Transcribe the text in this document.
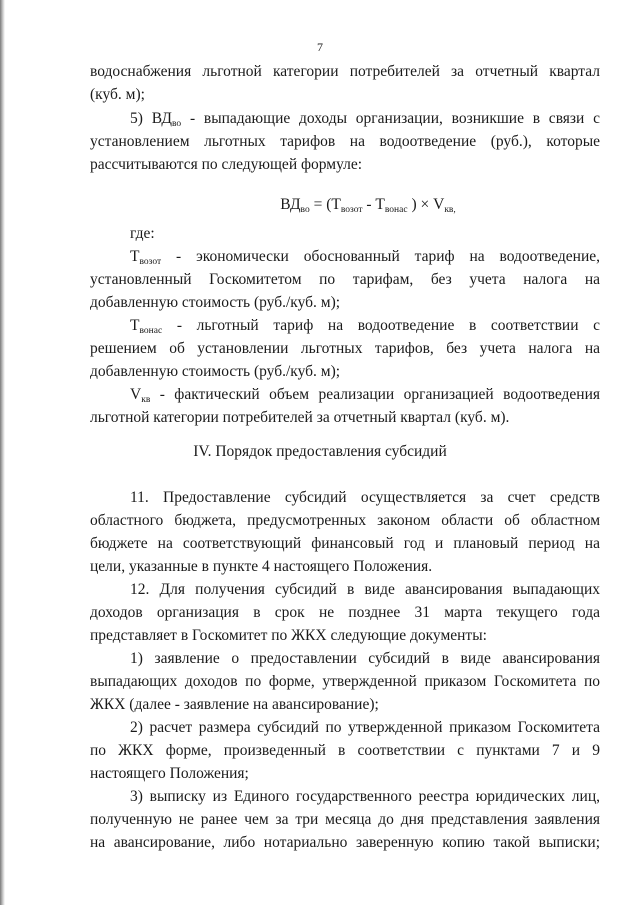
7
водоснабжения льготной категории потребителей за отчетный квартал
(куб. м);
5) $ВД_{во}$ - выпадающие доходы организации, возникшие в связи с
установлением льготных тарифов на водоотведение (руб.), которые
рассчитываются по следующей формуле:
$ВД_{во} = (Т_{возот} - Т_{вонас}$ ) × $V_{кв,}$
где:
$Т_{возот}$ - экономически обоснованный тариф на водоотведение,
установленный Госкомитетом по тарифам, без учета налога на
добавленную стоимость (руб./куб. м);
$Т_{вонас}$ - льготный тариф на водоотведение в соответствии с
решением об установлении льготных тарифов, без учета налога на
добавленную стоимость (руб./куб. м);
$V_{кв}$ - фактический объем реализации организацией водоотведения
льготной категории потребителей за отчетный квартал (куб. м).
IV. Порядок предоставления субсидий
11. Предоставление субсидий осуществляется за счет средств
областного бюджета, предусмотренных законом области об областном
бюджете на соответствующий финансовый год и плановый период на
цели, указанные в пункте 4 настоящего Положения.
12. Для получения субсидий в виде авансирования выпадающих
доходов организация в срок не позднее 31 марта текущего года
представляет в Госкомитет по ЖКХ следующие документы:
1) заявление о предоставлении субсидий в виде авансирования
выпадающих доходов по форме, утвержденной приказом Госкомитета по
ЖКХ (далее - заявление на авансирование);
2) расчет размера субсидий по утвержденной приказом Госкомитета
по ЖКХ форме, произведенный в соответствии с пунктами 7 и 9
настоящего Положения;
3) выписку из Единого государственного реестра юридических лиц,
полученную не ранее чем за три месяца до дня представления заявления
на авансирование, либо нотариально заверенную копию такой выписки;
